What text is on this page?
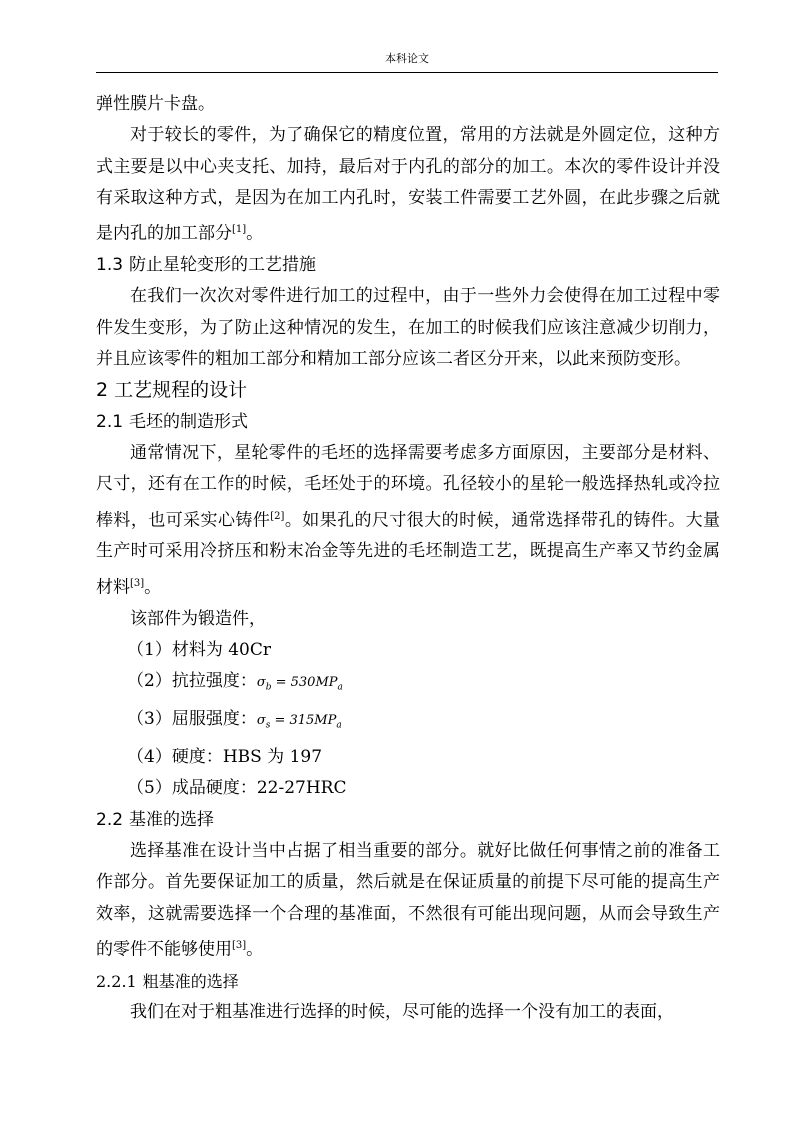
本科论文

弹性膜片卡盘。

对于较长的零件，为了确保它的精度位置，常用的方法就是外圆定位，这种方式主要是以中心夹支托、加持，最后对于内孔的部分的加工。本次的零件设计并没有采取这种方式，是因为在加工内孔时，安装工件需要工艺外圆，在此步骤之后就是内孔的加工部分[1]。

1.3 防止星轮变形的工艺措施

在我们一次次对零件进行加工的过程中，由于一些外力会使得在加工过程中零件发生变形，为了防止这种情况的发生，在加工的时候我们应该注意减少切削力，并且应该零件的粗加工部分和精加工部分应该二者区分开来，以此来预防变形。

2 工艺规程的设计

2.1 毛坯的制造形式

通常情况下，星轮零件的毛坯的选择需要考虑多方面原因，主要部分是材料、尺寸，还有在工作的时候，毛坯处于的环境。孔径较小的星轮一般选择热轧或冷拉棒料，也可采实心铸件[2]。如果孔的尺寸很大的时候，通常选择带孔的铸件。大量生产时可采用冷挤压和粉末冶金等先进的毛坯制造工艺，既提高生产率又节约金属材料[3]。

该部件为锻造件，

（1）材料为 40Cr
（2）抗拉强度：$\sigma_b = 530MP_a$
（3）屈服强度：$\sigma_s = 315MP_a$
（4）硬度：HBS 为 197
（5）成品硬度：22-27HRC

2.2 基准的选择

选择基准在设计当中占据了相当重要的部分。就好比做任何事情之前的准备工作部分。首先要保证加工的质量，然后就是在保证质量的前提下尽可能的提高生产效率，这就需要选择一个合理的基准面，不然很有可能出现问题，从而会导致生产的零件不能够使用[3]。

2.2.1 粗基准的选择

我们在对于粗基准进行选择的时候，尽可能的选择一个没有加工的表面，
